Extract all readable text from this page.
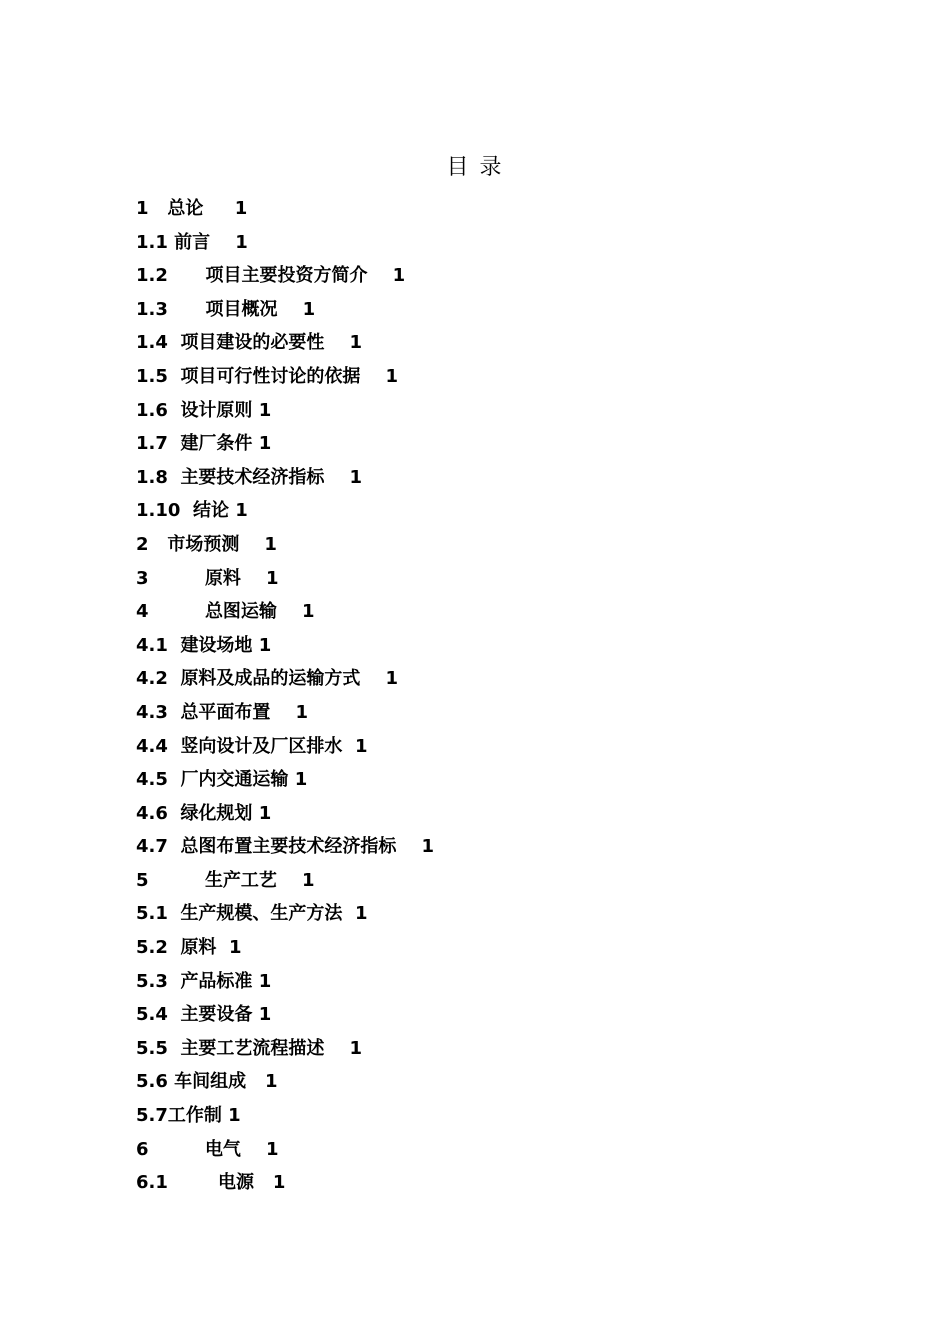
目 录
1 总论 1
1.1 前言 1
1.2 项目主要投资方简介 1
1.3 项目概况 1
1.4 项目建设的必要性 1
1.5 项目可行性讨论的依据 1
1.6 设计原则 1
1.7 建厂条件 1
1.8 主要技术经济指标 1
1.10 结论 1
2 市场预测 1
3	原料 1
4	总图运输 1
4.1 建设场地 1
4.2 原料及成品的运输方式 1
4.3 总平面布置 1
4.4 竖向设计及厂区排水 1
4.5 厂内交通运输 1
4.6 绿化规划 1
4.7 总图布置主要技术经济指标 1
5	生产工艺 1
5.1 生产规模、生产方法 1
5.2 原料 1
5.3 产品标准 1
5.4 主要设备 1
5.5 主要工艺流程描述 1
5.6 车间组成 1
5.7工作制 1
6	电气 1
6.1	电源 1
